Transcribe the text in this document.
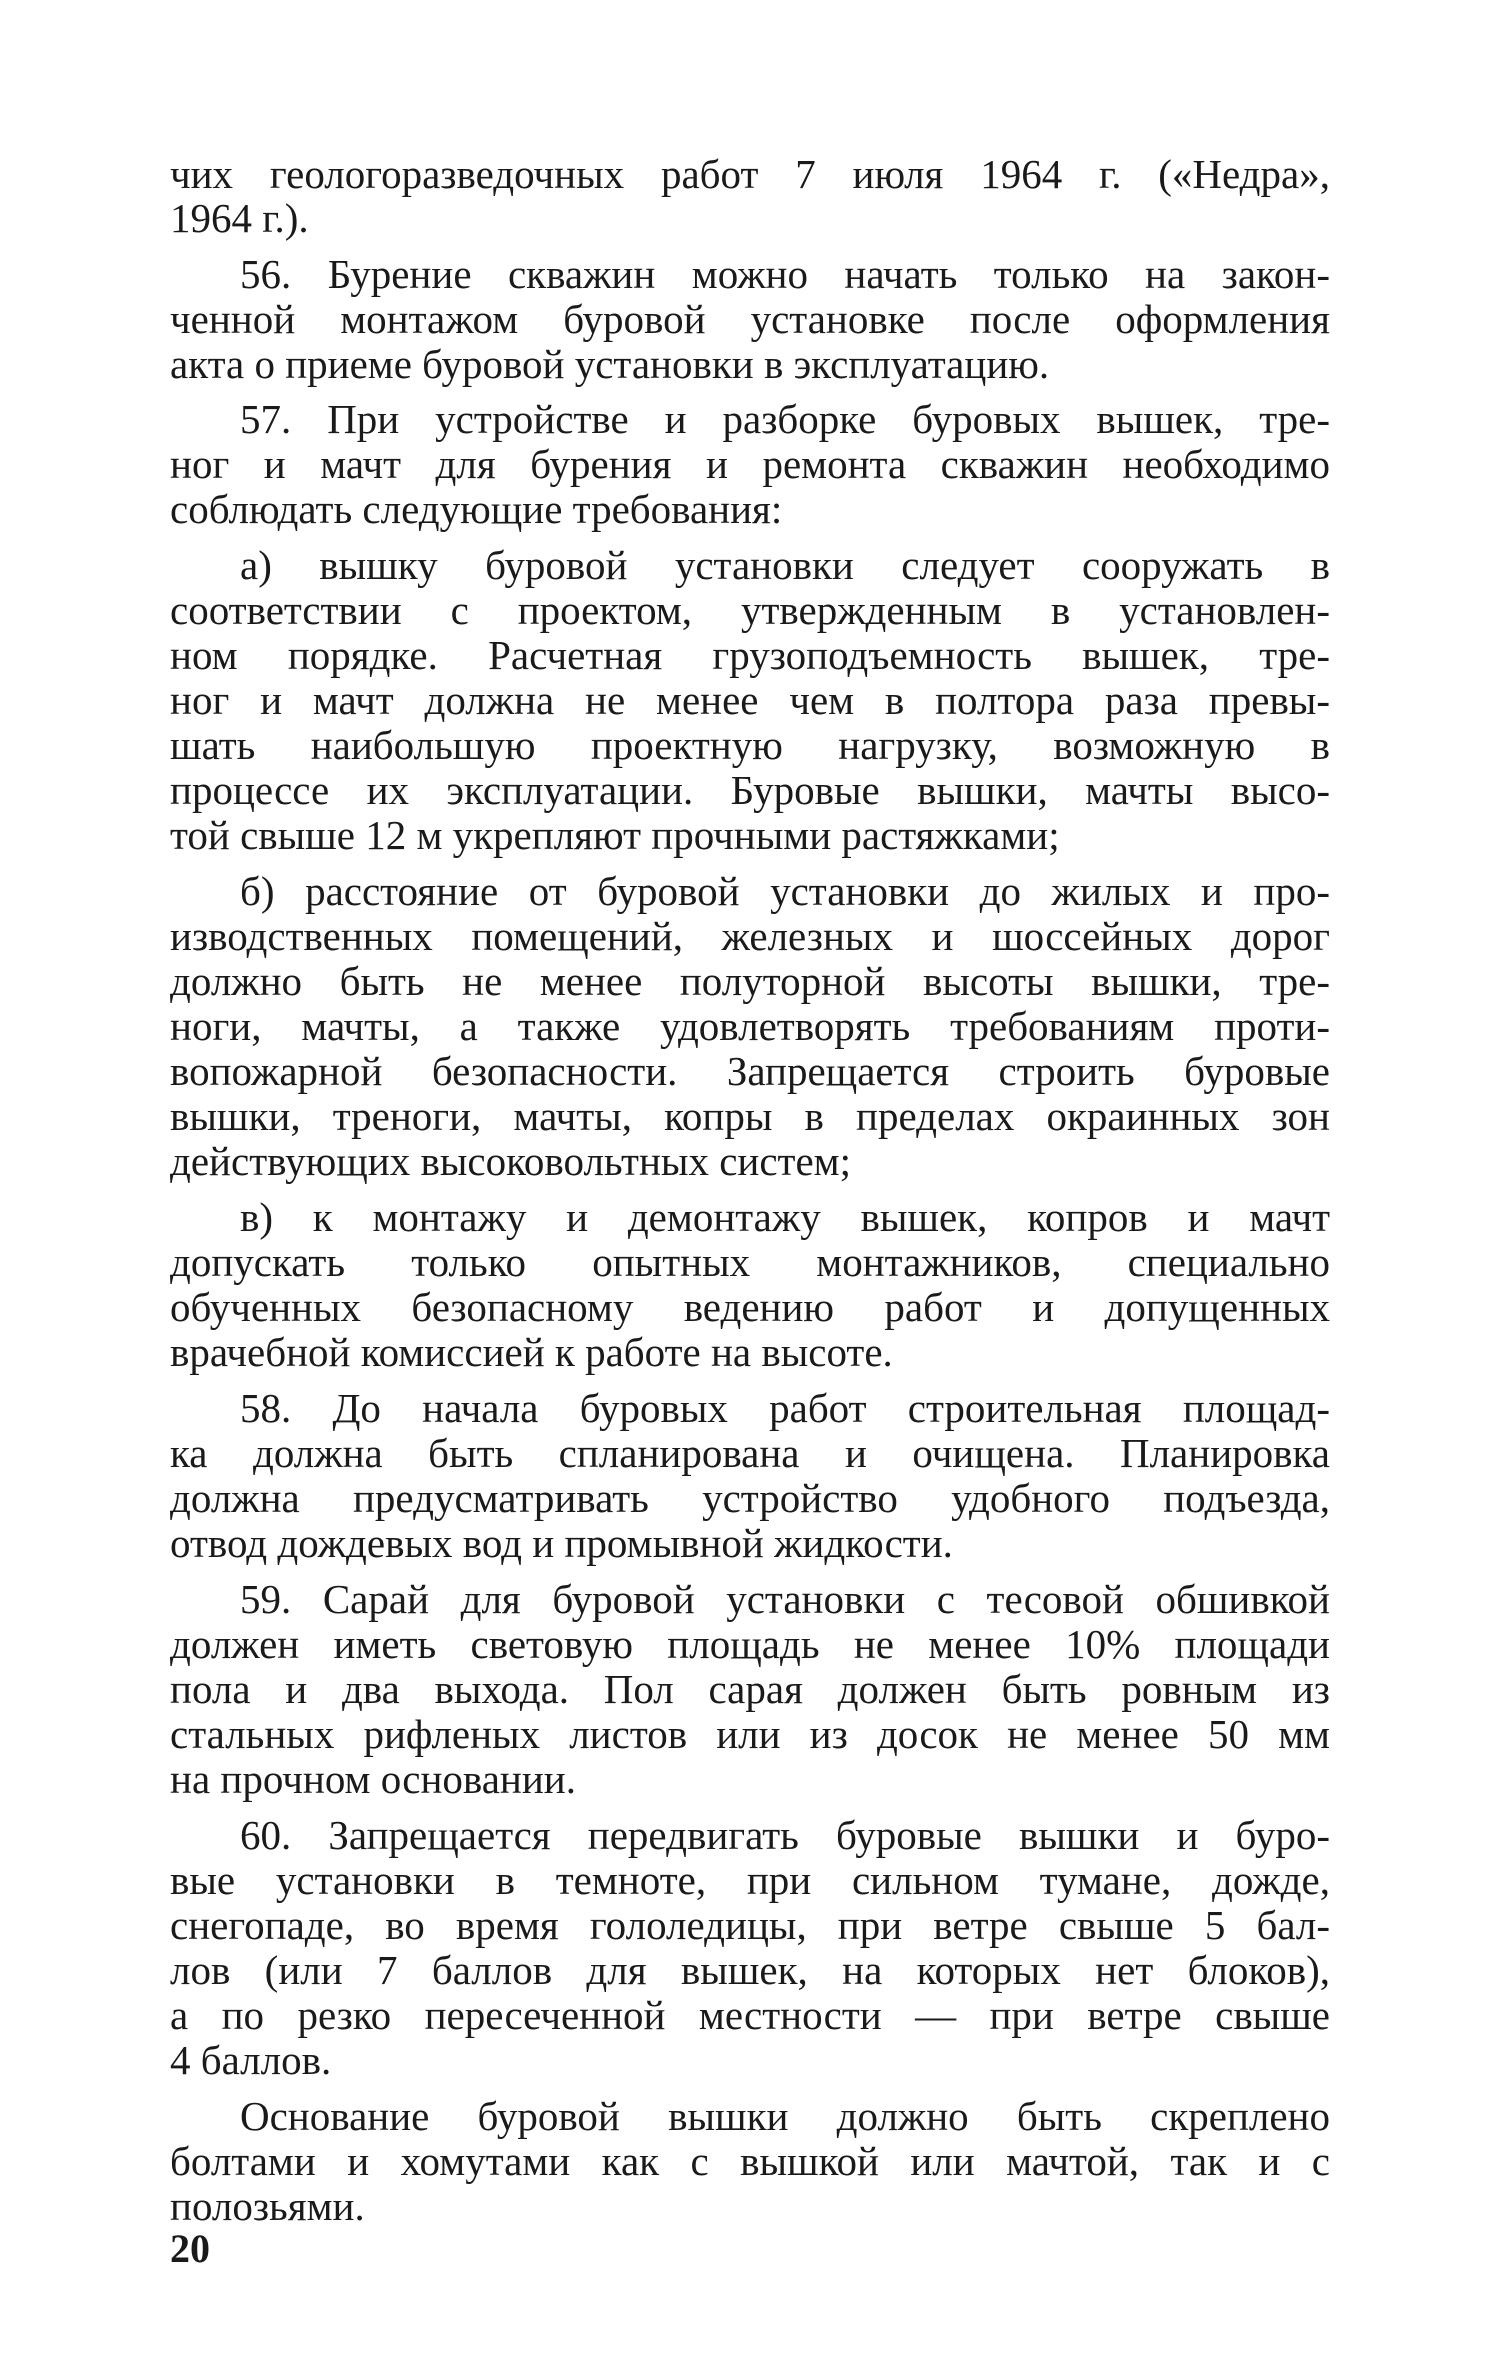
чих геологоразведочных работ 7 июля 1964 г. («Недра»,
1964 г.).
56. Бурение скважин можно начать только на закон-
ченной монтажом буровой установке после оформления
акта о приеме буровой установки в эксплуатацию.
57. При устройстве и разборке буровых вышек, тре-
ног и мачт для бурения и ремонта скважин необходимо
соблюдать следующие требования:
а) вышку буровой установки следует сооружать в
соответствии с проектом, утвержденным в установлен-
ном порядке. Расчетная грузоподъемность вышек, тре-
ног и мачт должна не менее чем в полтора раза превы-
шать наибольшую проектную нагрузку, возможную в
процессе их эксплуатации. Буровые вышки, мачты высо-
той свыше 12 м укрепляют прочными растяжками;
б) расстояние от буровой установки до жилых и про-
изводственных помещений, железных и шоссейных дорог
должно быть не менее полуторной высоты вышки, тре-
ноги, мачты, а также удовлетворять требованиям проти-
вопожарной безопасности. Запрещается строить буровые
вышки, треноги, мачты, копры в пределах окраинных зон
действующих высоковольтных систем;
в) к монтажу и демонтажу вышек, копров и мачт
допускать только опытных монтажников, специально
обученных безопасному ведению работ и допущенных
врачебной комиссией к работе на высоте.
58. До начала буровых работ строительная площад-
ка должна быть спланирована и очищена. Планировка
должна предусматривать устройство удобного подъезда,
отвод дождевых вод и промывной жидкости.
59. Сарай для буровой установки с тесовой обшивкой
должен иметь световую площадь не менее 10% площади
пола и два выхода. Пол сарая должен быть ровным из
стальных рифленых листов или из досок не менее 50 мм
на прочном основании.
60. Запрещается передвигать буровые вышки и буро-
вые установки в темноте, при сильном тумане, дожде,
снегопаде, во время гололедицы, при ветре свыше 5 бал-
лов (или 7 баллов для вышек, на которых нет блоков),
а по резко пересеченной местности — при ветре свыше
4 баллов.
Основание буровой вышки должно быть скреплено
болтами и хомутами как с вышкой или мачтой, так и с
полозьями.
20
